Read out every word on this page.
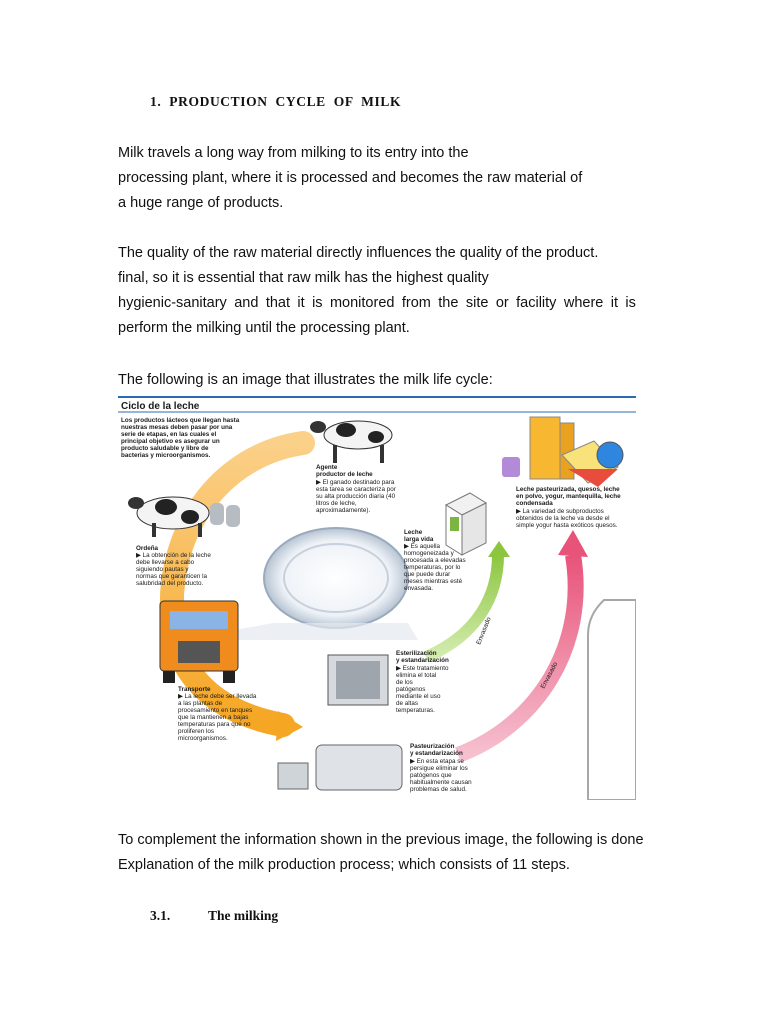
1. PRODUCTION CYCLE OF MILK
Milk travels a long way from milking to its entry into the
processing plant, where it is processed and becomes the raw material of
a huge range of products.
The quality of the raw material directly influences the quality of the product.
final, so it is essential that raw milk has the highest quality
hygienic-sanitary and that it is monitored from the site or facility where it is
perform the milking until the processing plant.
The following is an image that illustrates the milk life cycle:
Ciclo de la leche
Los productos lácteos que llegan hasta
nuestras mesas deben pasar por una
serie de etapas, en las cuales el
principal objetivo es asegurar un
producto saludable y libre de
bacterias y microorganismos.
Agente
productor de leche
▶ El ganado destinado para
esta tarea se caracteriza por
su alta producción diaria (40
litros de leche,
aproximadamente).
Ordeña
▶ La obtención de la leche
debe llevarse a cabo
siguiendo pautas y
normas que garanticen la
salubridad del producto.
Transporte
▶ La leche debe ser llevada
a las plantas de
procesamiento en tanques
que la mantienen a bajas
temperaturas para que no
proliferen los
microorganismos.
Leche
larga vida
▶ Es aquella
homogeneizada y
procesada a elevadas
temperaturas, por lo
que puede durar
meses mientras esté
envasada.
Leche pasteurizada, quesos, leche
en polvo, yogur, mantequilla, leche
condensada
▶ La variedad de subproductos
obtenidos de la leche va desde el
simple yogur hasta exóticos quesos.
Esterilización
y estandarización
▶ Este tratamiento
elimina el total
de los
patógenos
mediante el uso
de altas
temperaturas.
Pasteurización
y estandarización
▶ En esta etapa se
persigue eliminar los
patógenos que
habitualmente causan
problemas de salud.
Envasado
Envasado
To complement the information shown in the previous image, the following is done
Explanation of the milk production process; which consists of 11 steps.
3.1.	The milking
